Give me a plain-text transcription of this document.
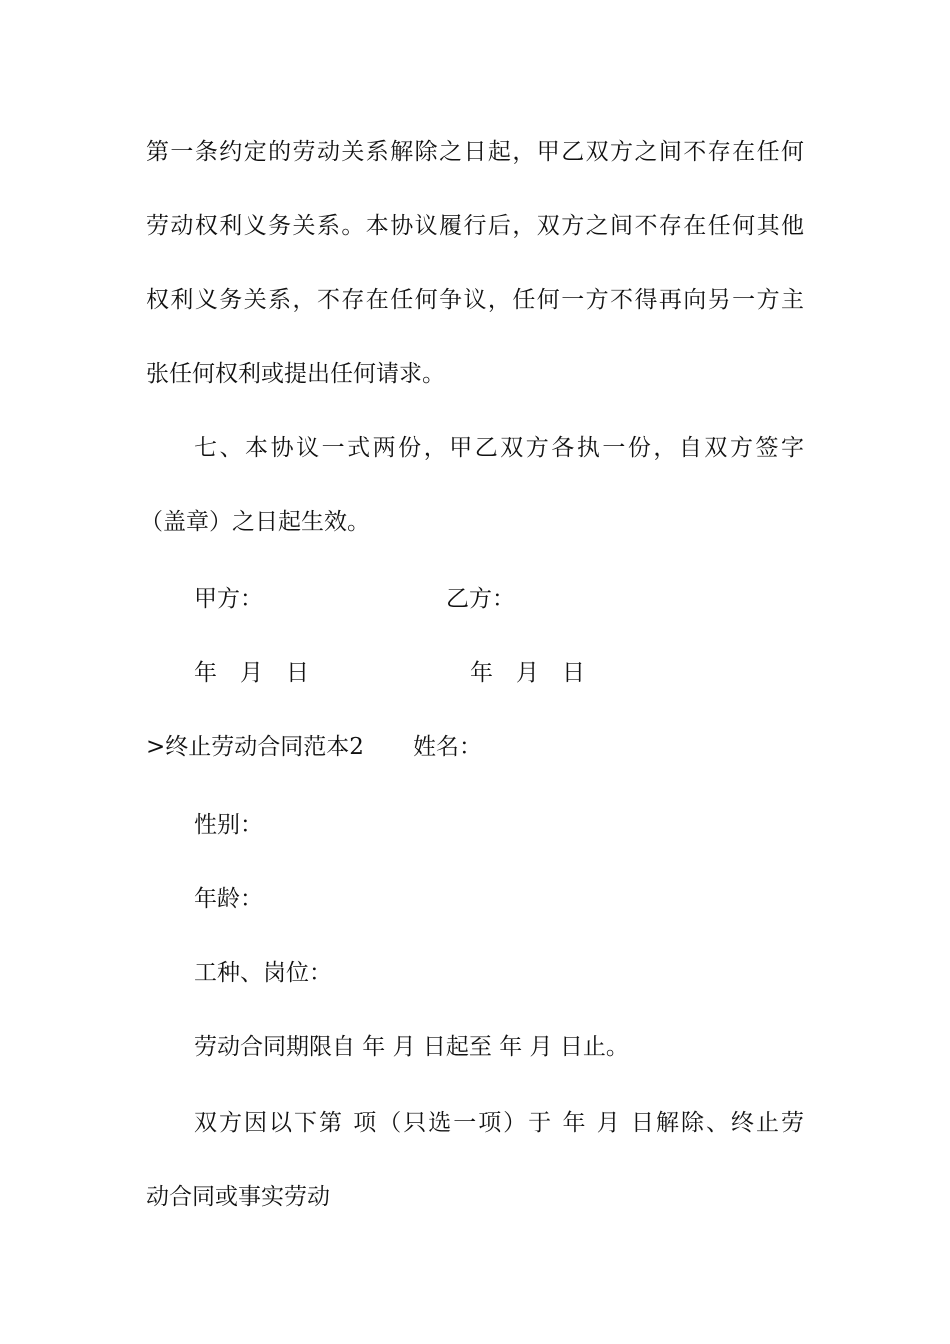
第一条约定的劳动关系解除之日起，甲乙双方之间不存在任何
劳动权利义务关系。本协议履行后，双方之间不存在任何其他
权利义务关系，不存在任何争议，任何一方不得再向另一方主
张任何权利或提出任何请求。
七、本协议一式两份，甲乙双方各执一份，自双方签字
（盖章）之日起生效。
甲方：	乙方：
年　月　日	年　月　日
>终止劳动合同范本2 姓名：
性别：
年龄：
工种、岗位：
劳动合同期限自 年 月 日起至 年 月 日止。
双方因以下第 项（只选一项）于 年 月 日解除、终止劳
动合同或事实劳动
